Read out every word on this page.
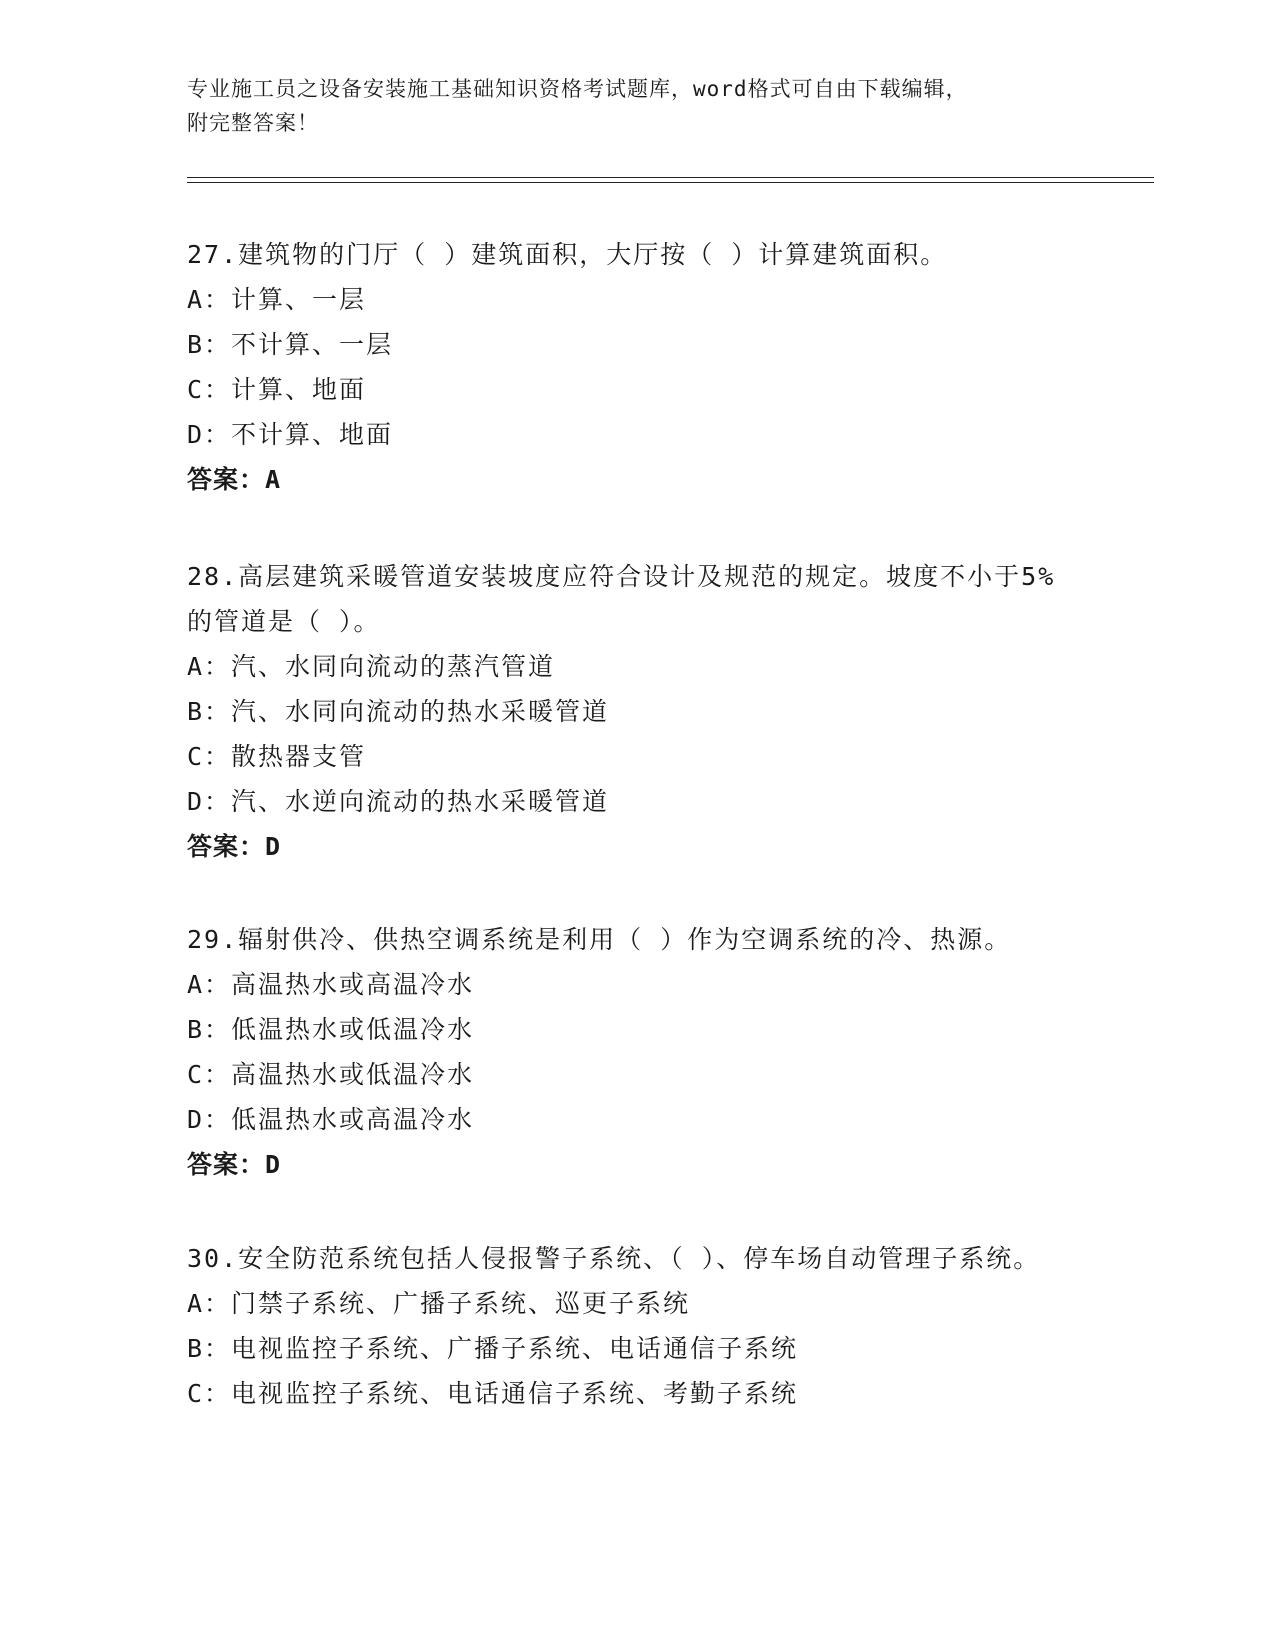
专业施工员之设备安装施工基础知识资格考试题库，word格式可自由下载编辑，
附完整答案！

27.建筑物的门厅（ ）建筑面积，大厅按（ ）计算建筑面积。

A：计算、一层

B：不计算、一层

C：计算、地面

D：不计算、地面

答案：A

28.高层建筑采暖管道安装坡度应符合设计及规范的规定。坡度不小于5%的管道是（ ）。

A：汽、水同向流动的蒸汽管道

B：汽、水同向流动的热水采暖管道

C：散热器支管

D：汽、水逆向流动的热水采暖管道

答案：D

29.辐射供冷、供热空调系统是利用（ ）作为空调系统的冷、热源。

A：高温热水或高温冷水

B：低温热水或低温冷水

C：高温热水或低温冷水

D：低温热水或高温冷水

答案：D

30.安全防范系统包括人侵报警子系统、（ ）、停车场自动管理子系统。

A：门禁子系统、广播子系统、巡更子系统

B：电视监控子系统、广播子系统、电话通信子系统

C：电视监控子系统、电话通信子系统、考勤子系统
